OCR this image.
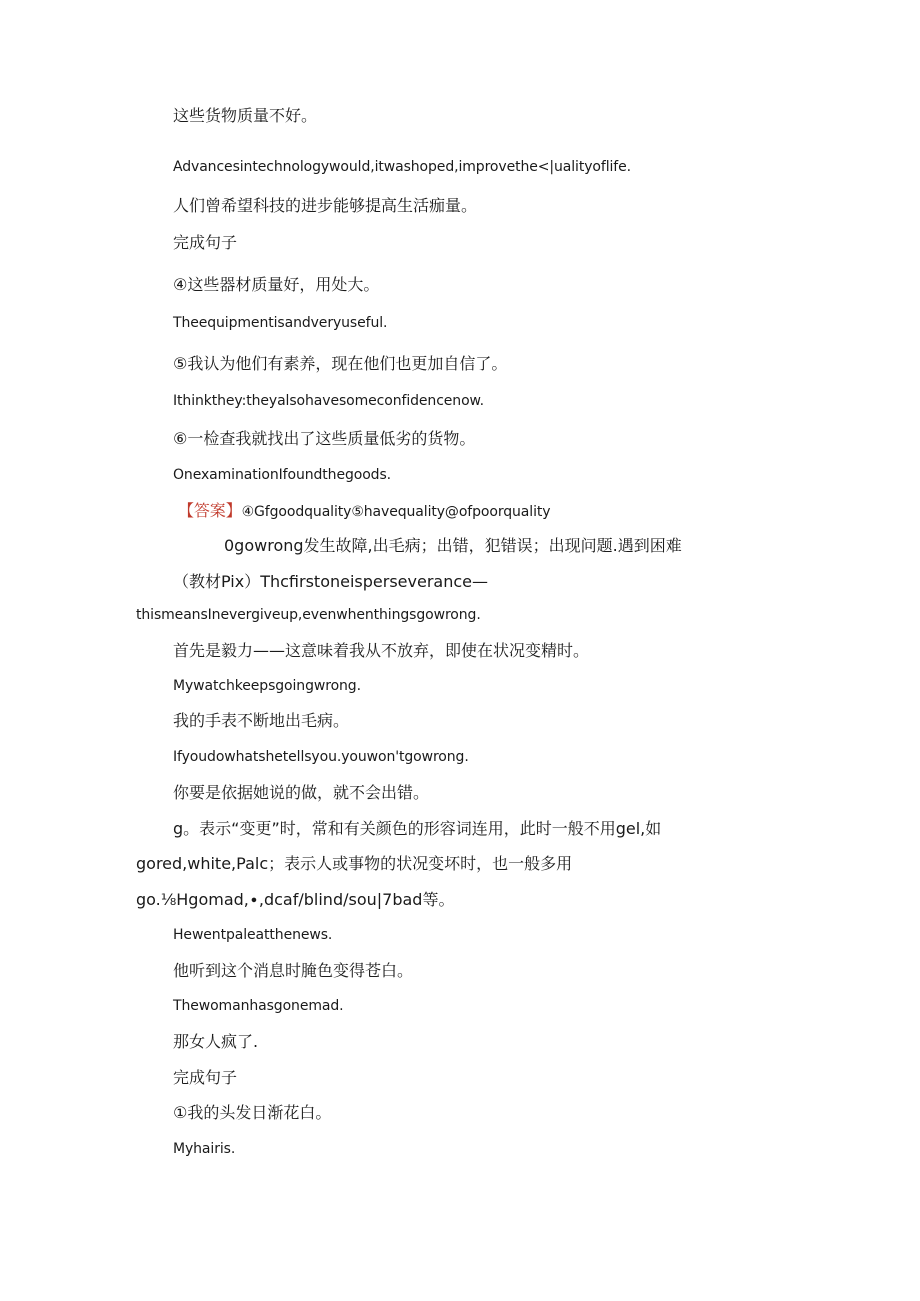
这些货物质量不好。
Advancesintechnologywould,itwashoped,improvethe<|ualityoflife.
人们曾希望科技的进步能够提高生活痂量。
完成句子
④这些器材质量好，用处大。
Theequipmentisandveryuseful.
⑤我认为他们有素养，现在他们也更加自信了。
Ithinkthey:theyalsohavesomeconfidencenow.
⑥一检查我就找出了这些质量低劣的货物。
OnexaminationIfoundthegoods.
【答案】④Gfgoodquality⑤havequality@ofpoorquality
0gowrong发生故障,出毛病；出错，犯错误；出现问题.遇到困难
（教材Pix）Thcfirstoneisperseverance—
thismeansInevergiveup,evenwhenthingsgowrong.
首先是毅力——这意味着我从不放弃，即使在状况变精时。
Mywatchkeepsgoingwrong.
我的手表不断地出毛病。
Ifyoudowhatshetellsyou.youwon'tgowrong.
你要是依据她说的做，就不会出错。
g。表示“变更”时，常和有关颜色的形容词连用，此时一般不用gel,如
gored,white,Palc；表示人或事物的状况变坏时，也一般多用
go.⅛Hgomad,∙,dcaf∕blind∕sou|7bad等。
Hewentpaleatthenews.
他听到这个消息时腌色变得苍白。
Thewomanhasgonemad.
那女人疯了.
完成句子
①我的头发日渐花白。
Myhairis.
